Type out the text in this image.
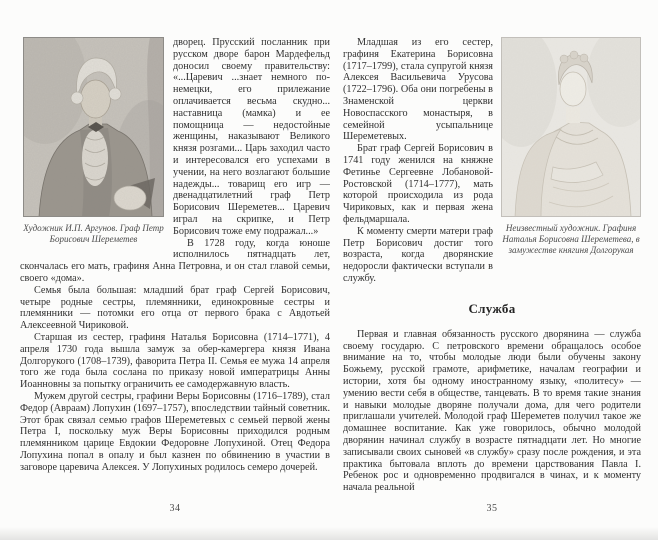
Художник И.П. Аргунов. Граф Петр Борисович Шереметев

дворец. Прусский посланник при русском дворе барон Мардефельд доносил своему правительству: «...Царевич ...знает немного по-немецки, его прилежание оплачивается весьма скудно... наставница (мамка) и ее помощница — недостойные женщины, наказывают Великого князя розгами... Царь заходил часто и интересовался его успехами в учении, на него возлагают большие надежды... товарищ его игр — двенадцатилетний граф Петр Борисович Шереметев... Царевич играл на скрипке, и Петр Борисович тоже ему подражал...»

В 1728 году, когда юноше исполнилось пятнадцать лет, скончалась его мать, графиня Анна Петровна, и он стал главой семьи, своего «дома».

Семья была большая: младший брат граф Сергей Борисович, четыре родные сестры, племянники, единокровные сестры и племянники — потомки его отца от первого брака с Авдотьей Алексеевной Чириковой.

Старшая из сестер, графиня Наталья Борисовна (1714–1771), 4 апреля 1730 года вышла замуж за обер-камергера князя Ивана Долгорукого (1708–1739), фаворита Петра II. Семья ее мужа 14 апреля того же года была сослана по приказу новой императрицы Анны Иоанновны за попытку ограничить ее самодержавную власть.

Мужем другой сестры, графини Веры Борисовны (1716–1789), стал Федор (Авраам) Лопухин (1697–1757), впоследствии тайный советник. Этот брак связал семью графов Шереметевых с семьей первой жены Петра I, поскольку муж Веры Борисовны приходился родным племянником царице Евдокии Федоровне Лопухиной. Отец Федора Лопухина попал в опалу и был казнен по обвинению в участии в заговоре царевича Алексея. У Лопухиных родилось семеро дочерей.

34
Неизвестный художник. Графиня Наталья Борисовна Шереметева, в замужестве княгиня Долгорукая

Младшая из его сестер, графиня Екатерина Борисовна (1717–1799), стала супругой князя Алексея Васильевича Урусова (1722–1796). Оба они погребены в Знаменской церкви Новоспасского монастыря, в семейной усыпальнице Шереметевых.

Брат граф Сергей Борисович в 1741 году женился на княжне Фетинье Сергеевне Лобановой-Ростовской (1714–1777), мать которой происходила из рода Чириковых, как и первая жена фельдмаршала.

К моменту смерти матери граф Петр Борисович достиг того возраста, когда дворянские недоросли фактически вступали в службу.

Служба

Первая и главная обязанность русского дворянина — служба своему государю. С петровского времени обращалось особое внимание на то, чтобы молодые люди были обучены закону Божьему, русской грамоте, арифметике, началам географии и истории, хотя бы одному иностранному языку, «политесу» — умению вести себя в обществе, танцевать. В то время такие знания и навыки молодые дворяне получали дома, для чего родители приглашали учителей. Молодой граф Шереметев получил такое же домашнее воспитание. Как уже говорилось, обычно молодой дворянин начинал службу в возрасте пятнадцати лет. Но многие записывали своих сыновей «в службу» сразу после рождения, и эта практика бытовала вплоть до времени царствования Павла I. Ребенок рос и одновременно продвигался в чинах, и к моменту начала реальной

35
